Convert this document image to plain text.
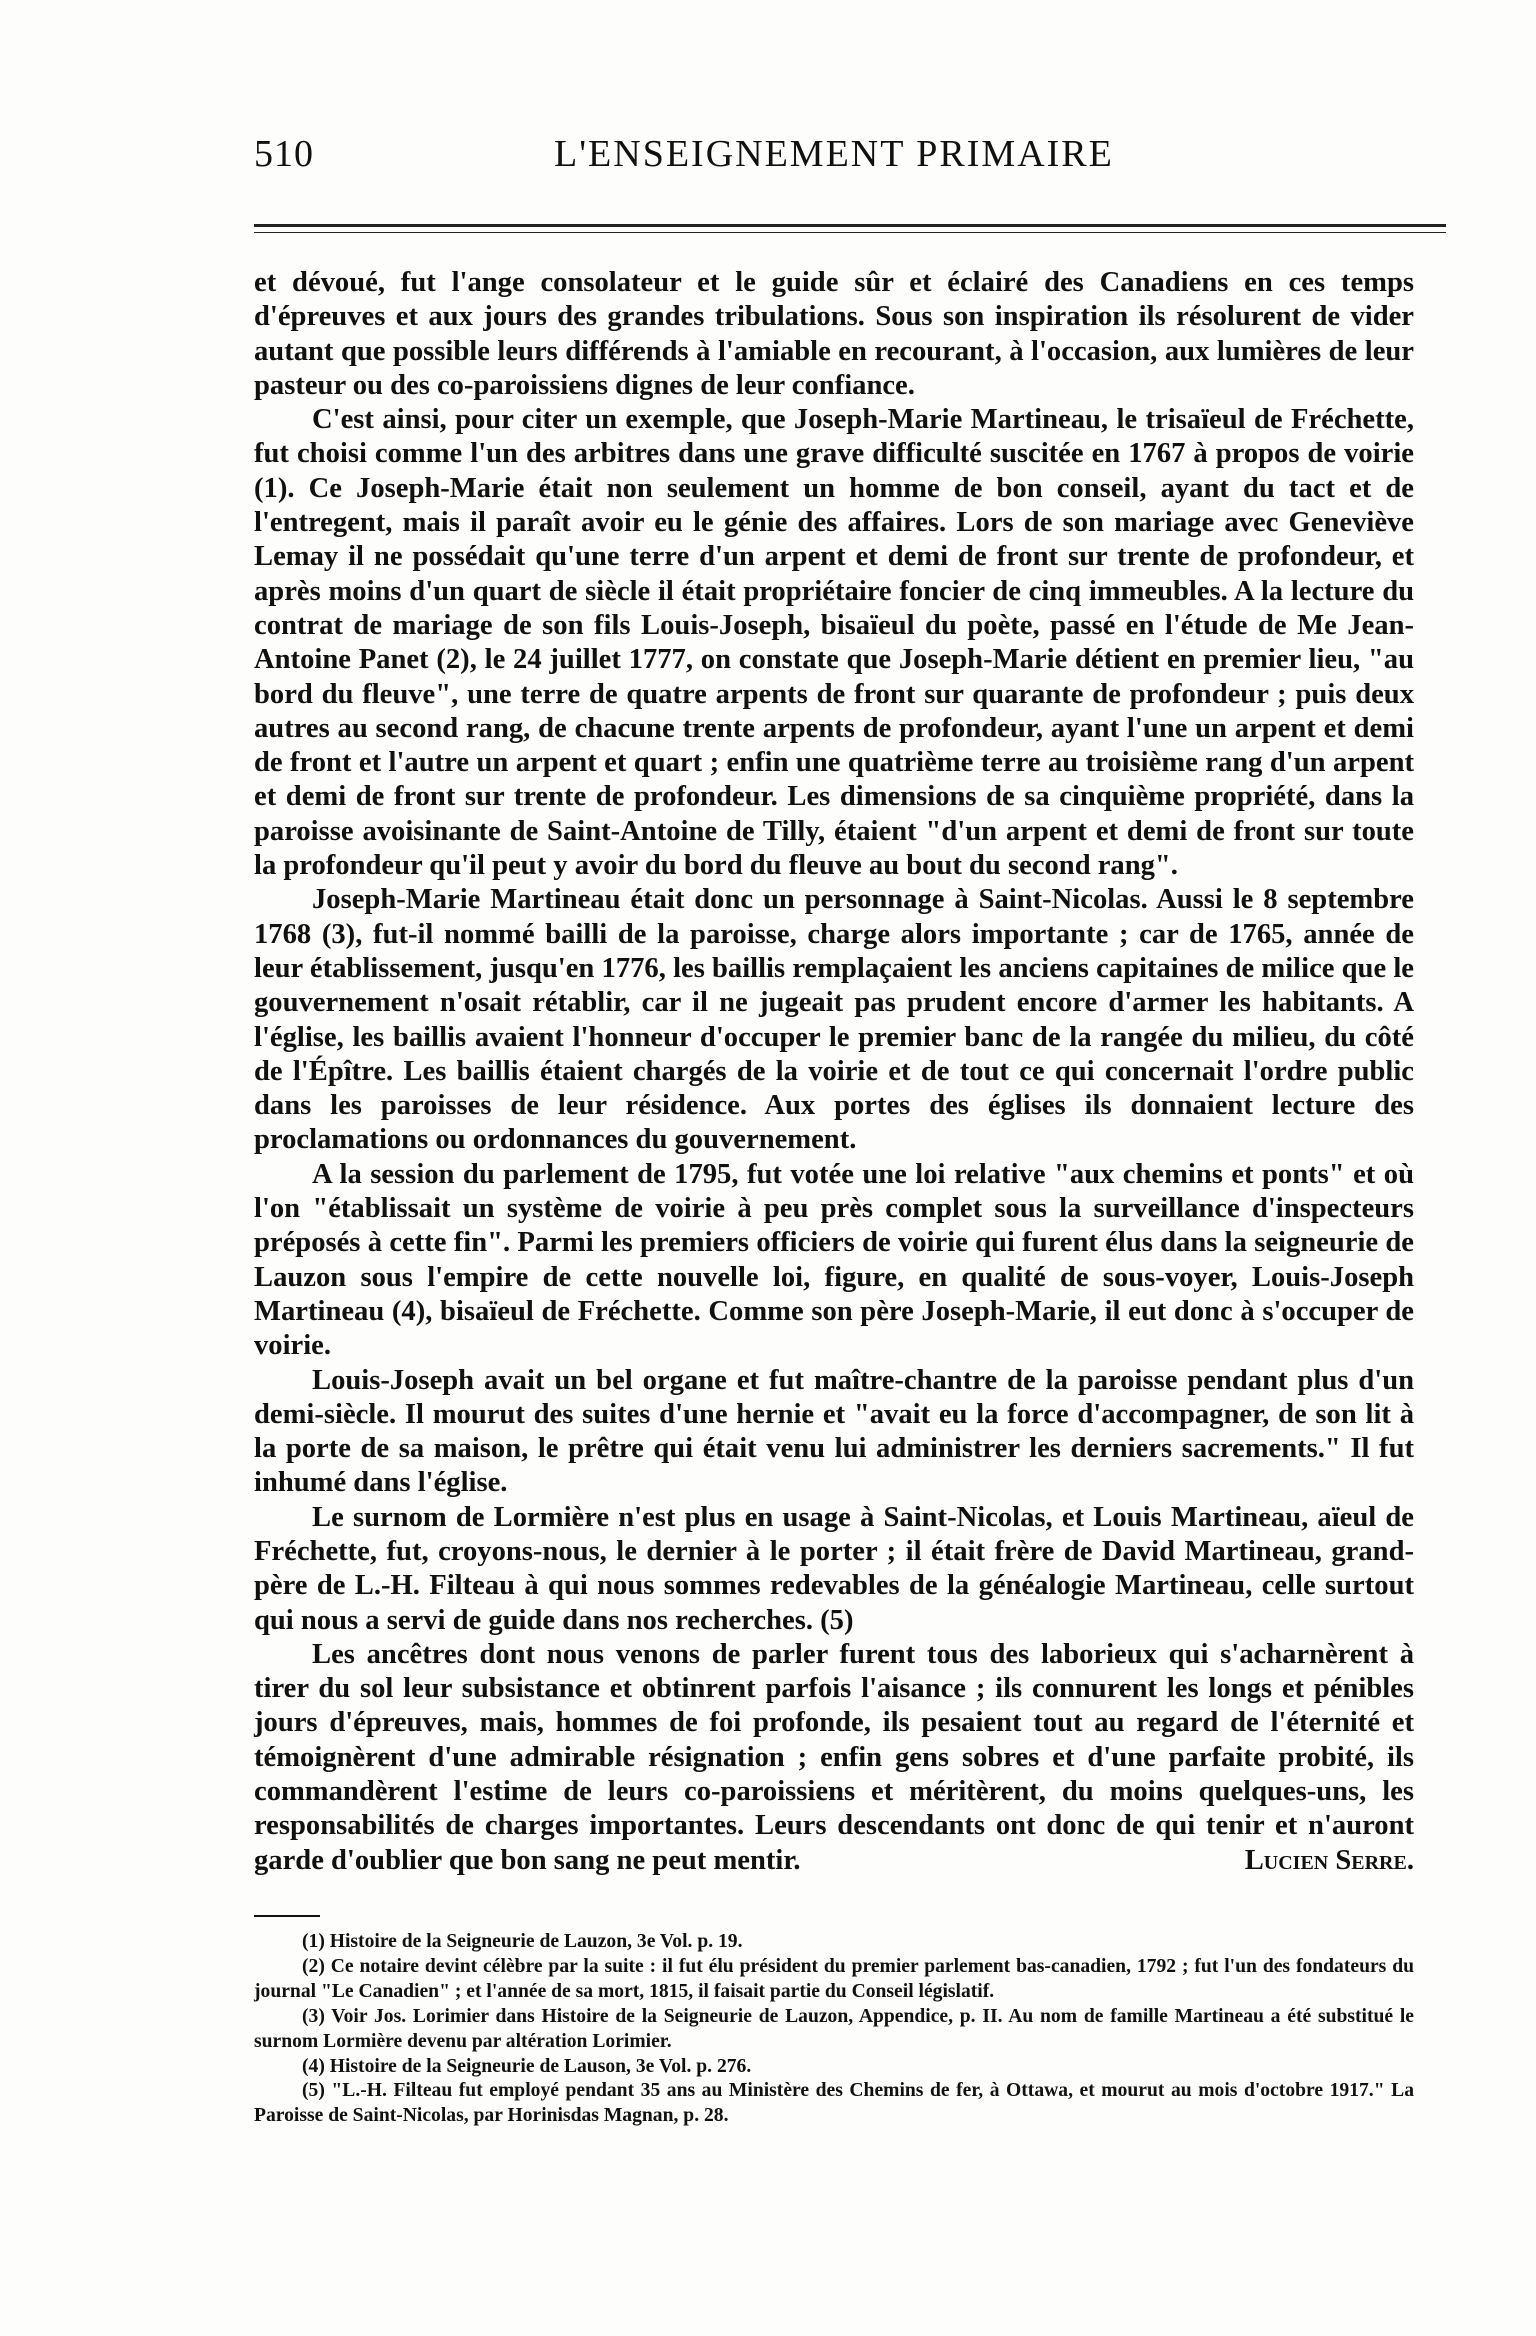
510	L'ENSEIGNEMENT PRIMAIRE

et dévoué, fut l'ange consolateur et le guide sûr et éclairé des Canadiens en ces temps d'épreuves et aux jours des grandes tribulations. Sous son inspiration ils résolurent de vider autant que possible leurs différends à l'amiable en recourant, à l'occasion, aux lumières de leur pasteur ou des co-paroissiens dignes de leur confiance.

C'est ainsi, pour citer un exemple, que Joseph-Marie Martineau, le trisaïeul de Fréchette, fut choisi comme l'un des arbitres dans une grave difficulté suscitée en 1767 à propos de voirie (1). Ce Joseph-Marie était non seulement un homme de bon conseil, ayant du tact et de l'entregent, mais il paraît avoir eu le génie des affaires. Lors de son mariage avec Geneviève Lemay il ne possédait qu'une terre d'un arpent et demi de front sur trente de profondeur, et après moins d'un quart de siècle il était propriétaire foncier de cinq immeubles. A la lecture du contrat de mariage de son fils Louis-Joseph, bisaïeul du poète, passé en l'étude de Me Jean-Antoine Panet (2), le 24 juillet 1777, on constate que Joseph-Marie détient en premier lieu, "au bord du fleuve", une terre de quatre arpents de front sur quarante de profondeur ; puis deux autres au second rang, de chacune trente arpents de profondeur, ayant l'une un arpent et demi de front et l'autre un arpent et quart ; enfin une quatrième terre au troisième rang d'un arpent et demi de front sur trente de profondeur. Les dimensions de sa cinquième propriété, dans la paroisse avoisinante de Saint-Antoine de Tilly, étaient "d'un arpent et demi de front sur toute la profondeur qu'il peut y avoir du bord du fleuve au bout du second rang".

Joseph-Marie Martineau était donc un personnage à Saint-Nicolas. Aussi le 8 septembre 1768 (3), fut-il nommé bailli de la paroisse, charge alors importante ; car de 1765, année de leur établissement, jusqu'en 1776, les baillis remplaçaient les anciens capitaines de milice que le gouvernement n'osait rétablir, car il ne jugeait pas prudent encore d'armer les habitants. A l'église, les baillis avaient l'honneur d'occuper le premier banc de la rangée du milieu, du côté de l'Épître. Les baillis étaient chargés de la voirie et de tout ce qui concernait l'ordre public dans les paroisses de leur résidence. Aux portes des églises ils donnaient lecture des proclamations ou ordonnances du gouvernement.

A la session du parlement de 1795, fut votée une loi relative "aux chemins et ponts" et où l'on "établissait un système de voirie à peu près complet sous la surveillance d'inspecteurs préposés à cette fin". Parmi les premiers officiers de voirie qui furent élus dans la seigneurie de Lauzon sous l'empire de cette nouvelle loi, figure, en qualité de sous-voyer, Louis-Joseph Martineau (4), bisaïeul de Fréchette. Comme son père Joseph-Marie, il eut donc à s'occuper de voirie.

Louis-Joseph avait un bel organe et fut maître-chantre de la paroisse pendant plus d'un demi-siècle. Il mourut des suites d'une hernie et "avait eu la force d'accompagner, de son lit à la porte de sa maison, le prêtre qui était venu lui administrer les derniers sacrements." Il fut inhumé dans l'église.

Le surnom de Lormière n'est plus en usage à Saint-Nicolas, et Louis Martineau, aïeul de Fréchette, fut, croyons-nous, le dernier à le porter ; il était frère de David Martineau, grand-père de L.-H. Filteau à qui nous sommes redevables de la généalogie Martineau, celle surtout qui nous a servi de guide dans nos recherches. (5)

Les ancêtres dont nous venons de parler furent tous des laborieux qui s'acharnèrent à tirer du sol leur subsistance et obtinrent parfois l'aisance ; ils connurent les longs et pénibles jours d'épreuves, mais, hommes de foi profonde, ils pesaient tout au regard de l'éternité et témoignèrent d'une admirable résignation ; enfin gens sobres et d'une parfaite probité, ils commandèrent l'estime de leurs co-paroissiens et méritèrent, du moins quelques-uns, les responsabilités de charges importantes. Leurs descendants ont donc de qui tenir et n'auront garde d'oublier que bon sang ne peut mentir.	Lucien Serre.

(1) Histoire de la Seigneurie de Lauzon, 3e Vol. p. 19.

(2) Ce notaire devint célèbre par la suite : il fut élu président du premier parlement bas-canadien, 1792 ; fut l'un des fondateurs du journal "Le Canadien" ; et l'année de sa mort, 1815, il faisait partie du Conseil législatif.

(3) Voir Jos. Lorimier dans Histoire de la Seigneurie de Lauzon, Appendice, p. II. Au nom de famille Martineau a été substitué le surnom Lormière devenu par altération Lorimier.

(4) Histoire de la Seigneurie de Lauson, 3e Vol. p. 276.

(5) "L.-H. Filteau fut employé pendant 35 ans au Ministère des Chemins de fer, à Ottawa, et mourut au mois d'octobre 1917." La Paroisse de Saint-Nicolas, par Horinisdas Magnan, p. 28.
